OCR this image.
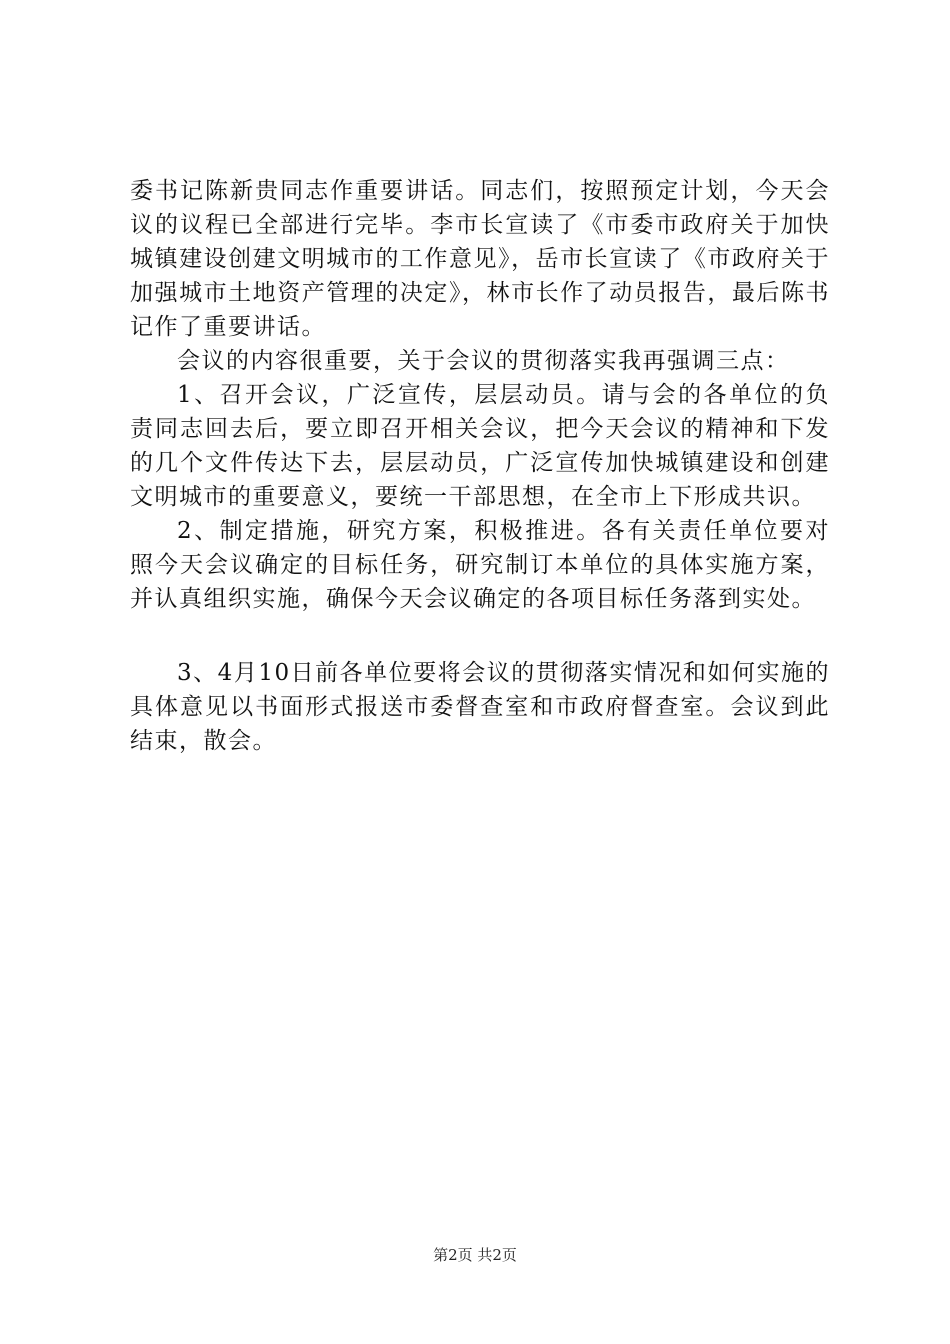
委书记陈新贵同志作重要讲话。同志们，按照预定计划，今天会议的议程已全部进行完毕。李市长宣读了《市委市政府关于加快城镇建设创建文明城市的工作意见》，岳市长宣读了《市政府关于加强城市土地资产管理的决定》，林市长作了动员报告，最后陈书记作了重要讲话。

会议的内容很重要，关于会议的贯彻落实我再强调三点：

1、召开会议，广泛宣传，层层动员。请与会的各单位的负责同志回去后，要立即召开相关会议，把今天会议的精神和下发的几个文件传达下去，层层动员，广泛宣传加快城镇建设和创建文明城市的重要意义，要统一干部思想，在全市上下形成共识。

2、制定措施，研究方案，积极推进。各有关责任单位要对照今天会议确定的目标任务，研究制订本单位的具体实施方案，并认真组织实施，确保今天会议确定的各项目标任务落到实处。

3、4月10日前各单位要将会议的贯彻落实情况和如何实施的具体意见以书面形式报送市委督查室和市政府督查室。会议到此结束，散会。

第2页 共2页
